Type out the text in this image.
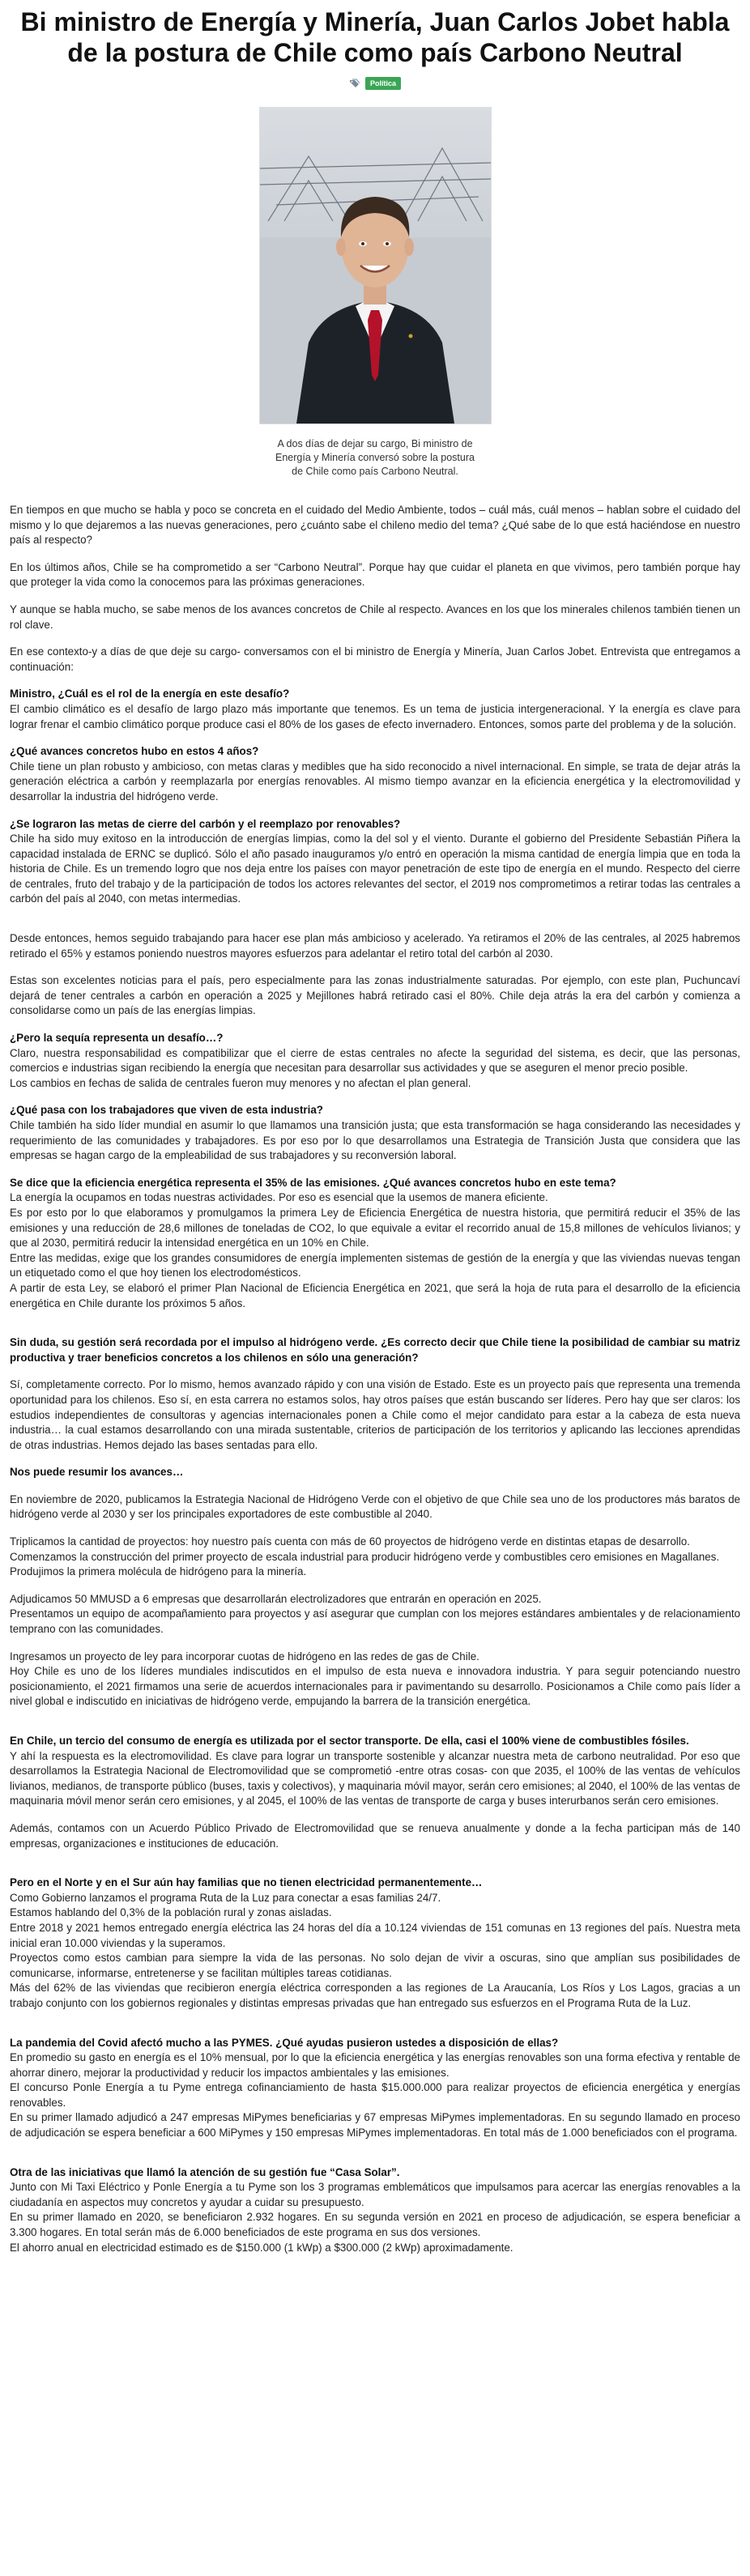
Bi ministro de Energía y Minería, Juan Carlos Jobet habla de la postura de Chile como país Carbono Neutral
Política
A dos días de dejar su cargo, Bi ministro de Energía y Minería conversó sobre la postura de Chile como país Carbono Neutral.

En tiempos en que mucho se habla y poco se concreta en el cuidado del Medio Ambiente, todos – cuál más, cuál menos – hablan sobre el cuidado del mismo y lo que dejaremos a las nuevas generaciones, pero ¿cuánto sabe el chileno medio del tema? ¿Qué sabe de lo que está haciéndose en nuestro país al respecto?

En los últimos años, Chile se ha comprometido a ser “Carbono Neutral”. Porque hay que cuidar el planeta en que vivimos, pero también porque hay que proteger la vida como la conocemos para las próximas generaciones.

Y aunque se habla mucho, se sabe menos de los avances concretos de Chile al respecto. Avances en los que los minerales chilenos también tienen un rol clave.

En ese contexto-y a días de que deje su cargo- conversamos con el bi ministro de Energía y Minería, Juan Carlos Jobet. Entrevista que entregamos a continuación:

Ministro, ¿Cuál es el rol de la energía en este desafío?

El cambio climático es el desafío de largo plazo más importante que tenemos. Es un tema de justicia intergeneracional. Y la energía es clave para lograr frenar el cambio climático porque produce casi el 80% de los gases de efecto invernadero. Entonces, somos parte del problema y de la solución.

¿Qué avances concretos hubo en estos 4 años?

Chile tiene un plan robusto y ambicioso, con metas claras y medibles que ha sido reconocido a nivel internacional. En simple, se trata de dejar atrás la generación eléctrica a carbón y reemplazarla por energías renovables. Al mismo tiempo avanzar en la eficiencia energética y la electromovilidad y desarrollar la industria del hidrógeno verde.

¿Se lograron las metas de cierre del carbón y el reemplazo por renovables?

Chile ha sido muy exitoso en la introducción de energías limpias, como la del sol y el viento. Durante el gobierno del Presidente Sebastián Piñera la capacidad instalada de ERNC se duplicó. Sólo el año pasado inauguramos y/o entró en operación la misma cantidad de energía limpia que en toda la historia de Chile. Es un tremendo logro que nos deja entre los países con mayor penetración de este tipo de energía en el mundo. Respecto del cierre de centrales, fruto del trabajo y de la participación de todos los actores relevantes del sector, el 2019 nos comprometimos a retirar todas las centrales a carbón del país al 2040, con metas intermedias.

Desde entonces, hemos seguido trabajando para hacer ese plan más ambicioso y acelerado. Ya retiramos el 20% de las centrales, al 2025 habremos retirado el 65% y estamos poniendo nuestros mayores esfuerzos para adelantar el retiro total del carbón al 2030.

Estas son excelentes noticias para el país, pero especialmente para las zonas industrialmente saturadas. Por ejemplo, con este plan, Puchuncaví dejará de tener centrales a carbón en operación a 2025 y Mejillones habrá retirado casi el 80%. Chile deja atrás la era del carbón y comienza a consolidarse como un país de las energías limpias.

¿Pero la sequía representa un desafío…?

Claro, nuestra responsabilidad es compatibilizar que el cierre de estas centrales no afecte la seguridad del sistema, es decir, que las personas, comercios e industrias sigan recibiendo la energía que necesitan para desarrollar sus actividades y que se aseguren el menor precio posible.

Los cambios en fechas de salida de centrales fueron muy menores y no afectan el plan general.

¿Qué pasa con los trabajadores que viven de esta industria?

Chile también ha sido líder mundial en asumir lo que llamamos una transición justa; que esta transformación se haga considerando las necesidades y requerimiento de las comunidades y trabajadores. Es por eso por lo que desarrollamos una Estrategia de Transición Justa que considera que las empresas se hagan cargo de la empleabilidad de sus trabajadores y su reconversión laboral.

Se dice que la eficiencia energética representa el 35% de las emisiones. ¿Qué avances concretos hubo en este tema?

La energía la ocupamos en todas nuestras actividades. Por eso es esencial que la usemos de manera eficiente.

Es por esto por lo que elaboramos y promulgamos la primera Ley de Eficiencia Energética de nuestra historia, que permitirá reducir el 35% de las emisiones y una reducción de 28,6 millones de toneladas de CO2, lo que equivale a evitar el recorrido anual de 15,8 millones de vehículos livianos; y que al 2030, permitirá reducir la intensidad energética en un 10% en Chile.

Entre las medidas, exige que los grandes consumidores de energía implementen sistemas de gestión de la energía y que las viviendas nuevas tengan un etiquetado como el que hoy tienen los electrodomésticos.

A partir de esta Ley, se elaboró el primer Plan Nacional de Eficiencia Energética en 2021, que será la hoja de ruta para el desarrollo de la eficiencia energética en Chile durante los próximos 5 años.

Sin duda, su gestión será recordada por el impulso al hidrógeno verde. ¿Es correcto decir que Chile tiene la posibilidad de cambiar su matriz productiva y traer beneficios concretos a los chilenos en sólo una generación?

Sí, completamente correcto. Por lo mismo, hemos avanzado rápido y con una visión de Estado. Este es un proyecto país que representa una tremenda oportunidad para los chilenos. Eso sí, en esta carrera no estamos solos, hay otros países que están buscando ser líderes. Pero hay que ser claros: los estudios independientes de consultoras y agencias internacionales ponen a Chile como el mejor candidato para estar a la cabeza de esta nueva industria… la cual estamos desarrollando con una mirada sustentable, criterios de participación de los territorios y aplicando las lecciones aprendidas de otras industrias. Hemos dejado las bases sentadas para ello.

Nos puede resumir los avances…

En noviembre de 2020, publicamos la Estrategia Nacional de Hidrógeno Verde con el objetivo de que Chile sea uno de los productores más baratos de hidrógeno verde al 2030 y ser los principales exportadores de este combustible al 2040.

Triplicamos la cantidad de proyectos: hoy nuestro país cuenta con más de 60 proyectos de hidrógeno verde en distintas etapas de desarrollo.

Comenzamos la construcción del primer proyecto de escala industrial para producir hidrógeno verde y combustibles cero emisiones en Magallanes.

Produjimos la primera molécula de hidrógeno para la minería.

Adjudicamos 50 MMUSD a 6 empresas que desarrollarán electrolizadores que entrarán en operación en 2025.

Presentamos un equipo de acompañamiento para proyectos y así asegurar que cumplan con los mejores estándares ambientales y de relacionamiento temprano con las comunidades.

Ingresamos un proyecto de ley para incorporar cuotas de hidrógeno en las redes de gas de Chile.

Hoy Chile es uno de los líderes mundiales indiscutidos en el impulso de esta nueva e innovadora industria. Y para seguir potenciando nuestro posicionamiento, el 2021 firmamos una serie de acuerdos internacionales para ir pavimentando su desarrollo. Posicionamos a Chile como país líder a nivel global e indiscutido en iniciativas de hidrógeno verde, empujando la barrera de la transición energética.

En Chile, un tercio del consumo de energía es utilizada por el sector transporte. De ella, casi el 100% viene de combustibles fósiles.

Y ahí la respuesta es la electromovilidad. Es clave para lograr un transporte sostenible y alcanzar nuestra meta de carbono neutralidad. Por eso que desarrollamos la Estrategia Nacional de Electromovilidad que se comprometió -entre otras cosas- con que 2035, el 100% de las ventas de vehículos livianos, medianos, de transporte público (buses, taxis y colectivos), y maquinaria móvil mayor, serán cero emisiones; al 2040, el 100% de las ventas de maquinaria móvil menor serán cero emisiones, y al 2045, el 100% de las ventas de transporte de carga y buses interurbanos serán cero emisiones.

Además, contamos con un Acuerdo Público Privado de Electromovilidad que se renueva anualmente y donde a la fecha participan más de 140 empresas, organizaciones e instituciones de educación.

Pero en el Norte y en el Sur aún hay familias que no tienen electricidad permanentemente…

Como Gobierno lanzamos el programa Ruta de la Luz para conectar a esas familias 24/7.

Estamos hablando del 0,3% de la población rural y zonas aisladas.

Entre 2018 y 2021 hemos entregado energía eléctrica las 24 horas del día a 10.124 viviendas de 151 comunas en 13 regiones del país. Nuestra meta inicial eran 10.000 viviendas y la superamos.

Proyectos como estos cambian para siempre la vida de las personas. No solo dejan de vivir a oscuras, sino que amplían sus posibilidades de comunicarse, informarse, entretenerse y se facilitan múltiples tareas cotidianas.

Más del 62% de las viviendas que recibieron energía eléctrica corresponden a las regiones de La Araucanía, Los Ríos y Los Lagos, gracias a un trabajo conjunto con los gobiernos regionales y distintas empresas privadas que han entregado sus esfuerzos en el Programa Ruta de la Luz.

La pandemia del Covid afectó mucho a las PYMES. ¿Qué ayudas pusieron ustedes a disposición de ellas?

En promedio su gasto en energía es el 10% mensual, por lo que la eficiencia energética y las energías renovables son una forma efectiva y rentable de ahorrar dinero, mejorar la productividad y reducir los impactos ambientales y las emisiones.

El concurso Ponle Energía a tu Pyme entrega cofinanciamiento de hasta $15.000.000 para realizar proyectos de eficiencia energética y energías renovables.

En su primer llamado adjudicó a 247 empresas MiPymes beneficiarias y 67 empresas MiPymes implementadoras. En su segundo llamado en proceso de adjudicación se espera beneficiar a 600 MiPymes y 150 empresas MiPymes implementadoras. En total más de 1.000 beneficiados con el programa.

Otra de las iniciativas que llamó la atención de su gestión fue “Casa Solar”.

Junto con Mi Taxi Eléctrico y Ponle Energía a tu Pyme son los 3 programas emblemáticos que impulsamos para acercar las energías renovables a la ciudadanía en aspectos muy concretos y ayudar a cuidar su presupuesto.

En su primer llamado en 2020, se beneficiaron 2.932 hogares. En su segunda versión en 2021 en proceso de adjudicación, se espera beneficiar a 3.300 hogares. En total serán más de 6.000 beneficiados de este programa en sus dos versiones.

El ahorro anual en electricidad estimado es de $150.000 (1 kWp) a $300.000 (2 kWp) aproximadamente.
